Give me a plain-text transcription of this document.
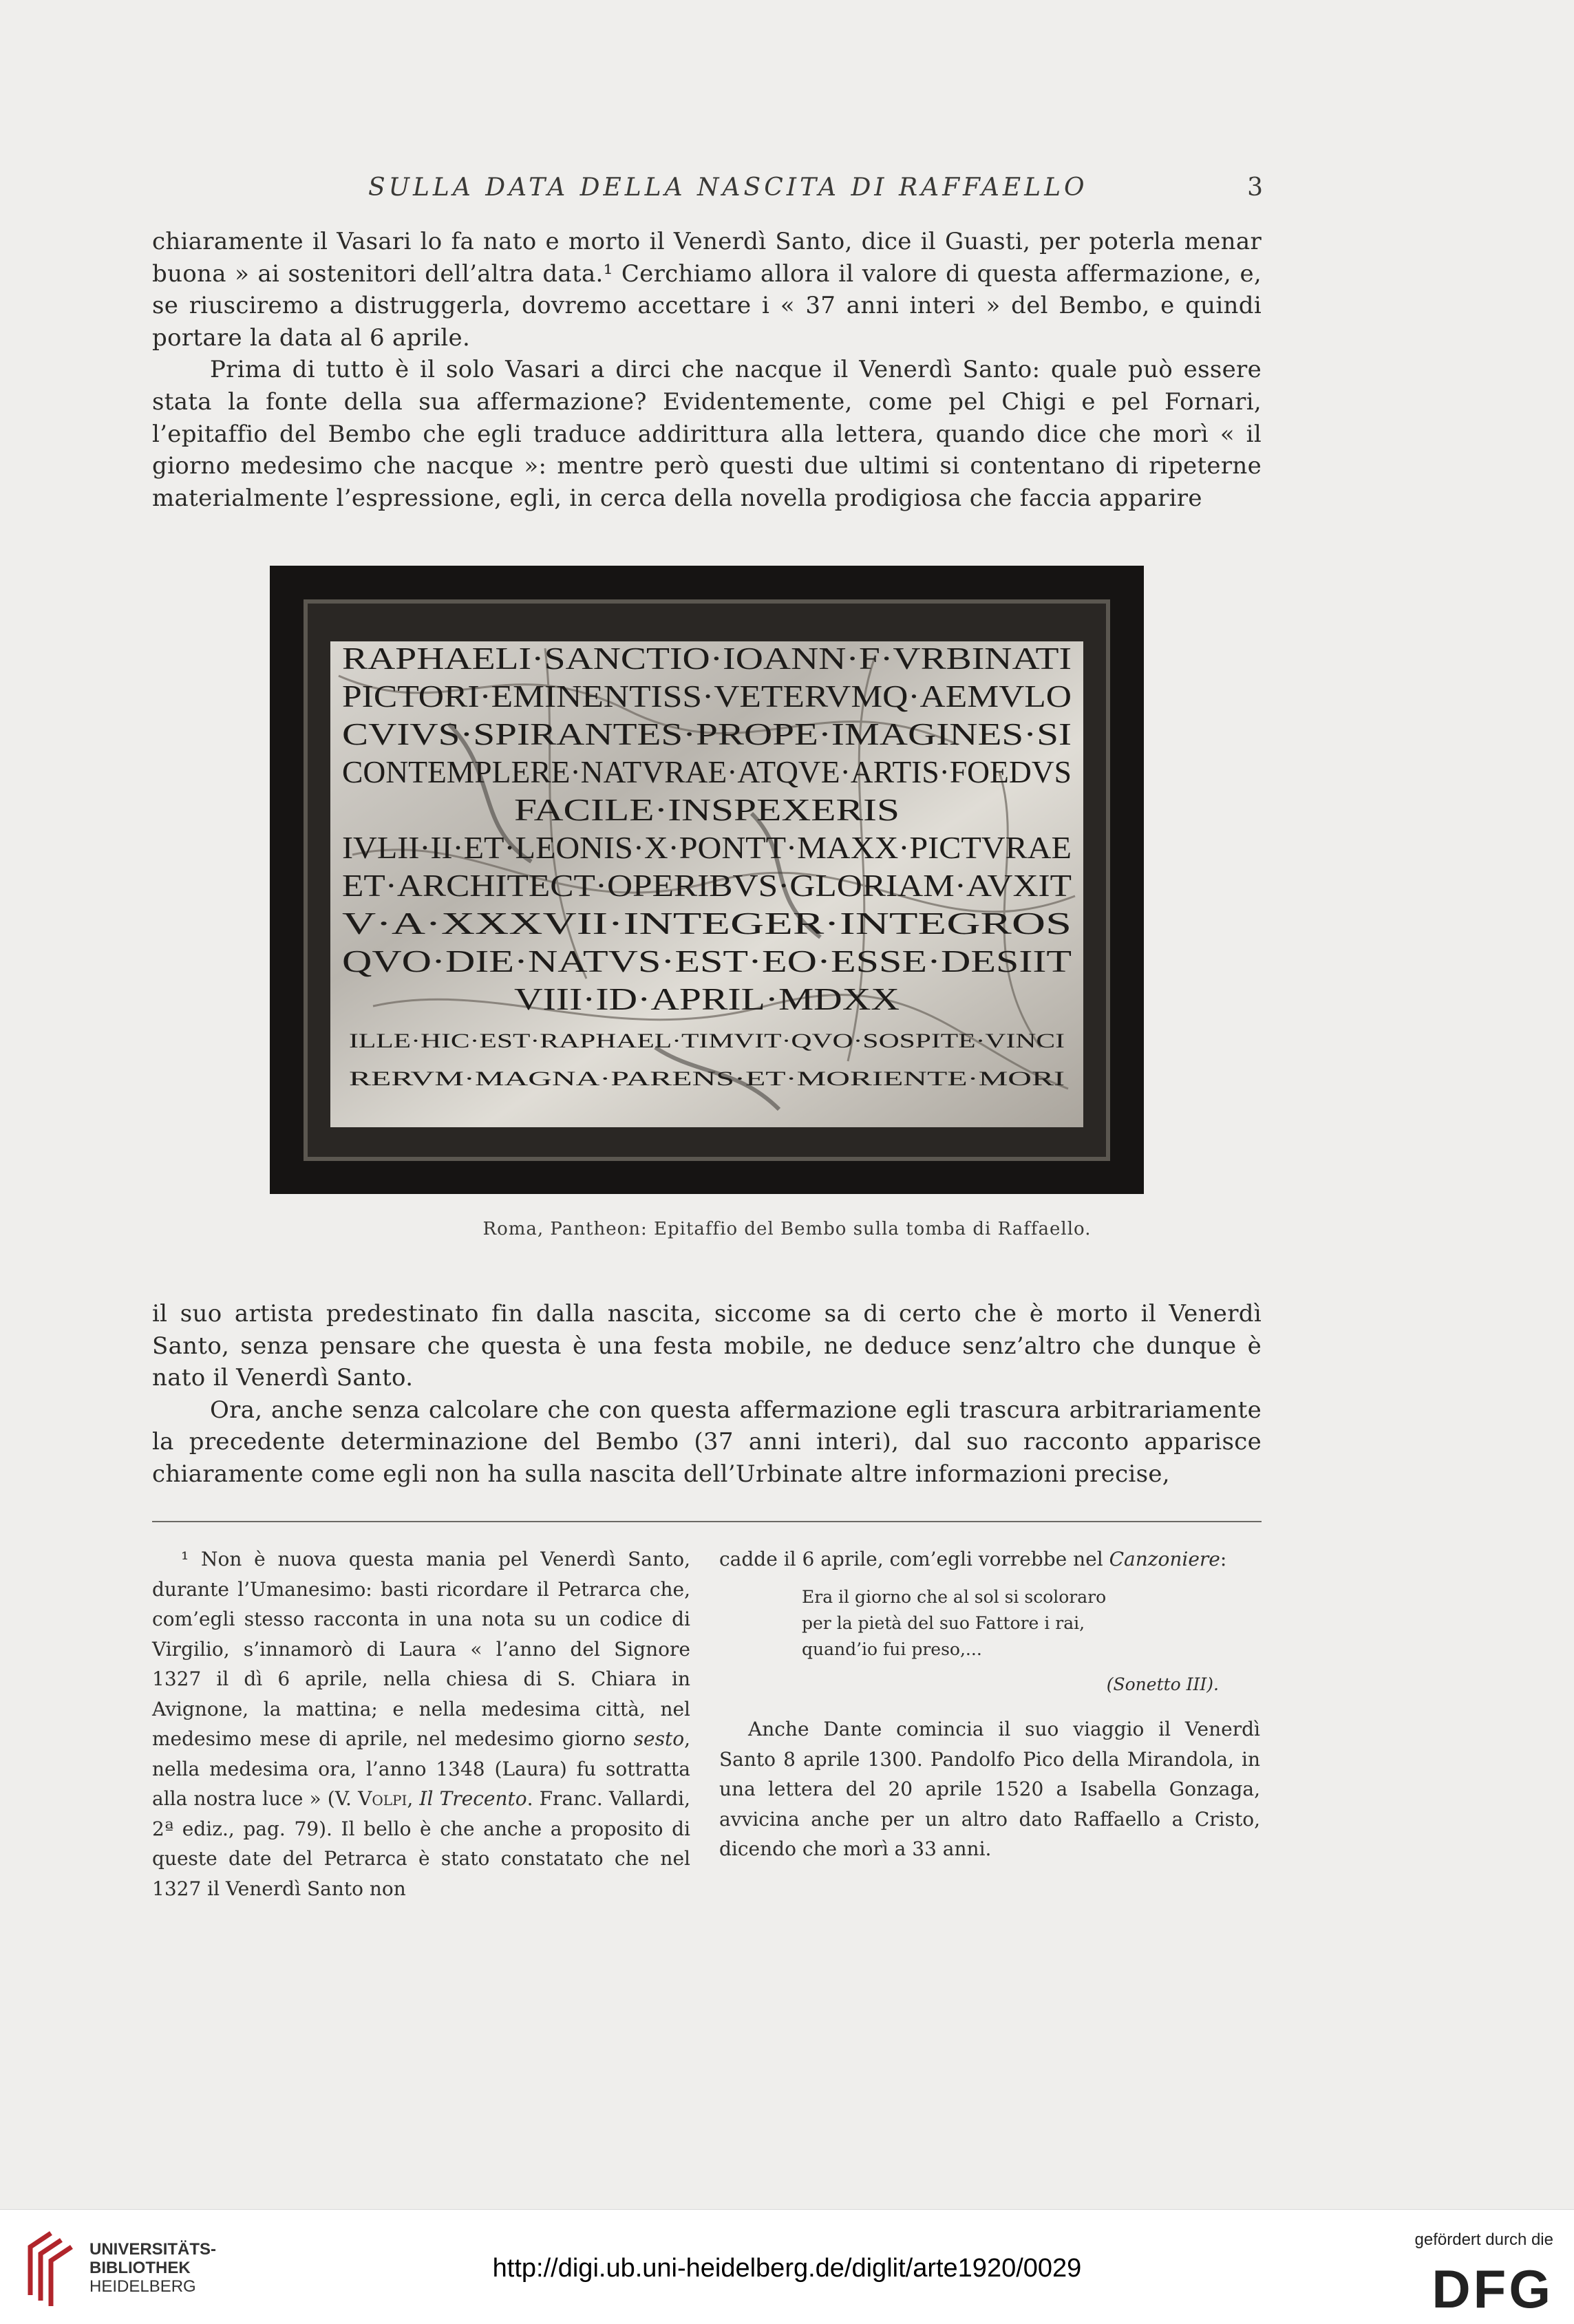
SULLA DATA DELLA NASCITA DI RAFFAELLO	3

chiaramente il Vasari lo fa nato e morto il Venerdì Santo, dice il Guasti, per poterla menar buona » ai sostenitori dell’altra data.¹ Cerchiamo allora il valore di questa affermazione, e, se riusciremo a distruggerla, dovremo accettare i « 37 anni interi » del Bembo, e quindi portare la data al 6 aprile.

Prima di tutto è il solo Vasari a dirci che nacque il Venerdì Santo: quale può essere stata la fonte della sua affermazione? Evidentemente, come pel Chigi e pel Fornari, l’epitaffio del Bembo che egli traduce addirittura alla lettera, quando dice che morì « il giorno medesimo che nacque »: mentre però questi due ultimi si contentano di ripeterne materialmente l’espressione, egli, in cerca della novella prodigiosa che faccia apparire

RAPHAELI·SANCTIO·IOANN·F·VRBINATI
PICTORI·EMINENTISS·VETERVMQ·AEMVLO
CVIVS·SPIRANTES·PROPE·IMAGINES·SI
CONTEMPLERE·NATVRAE·ATQVE·ARTIS·FOEDVS
FACILE·INSPEXERIS
IVLII·II·ET·LEONIS·X·PONTT·MAXX·PICTVRAE
ET·ARCHITECT·OPERIBVS·GLORIAM·AVXIT
V·A·XXXVII·INTEGER·INTEGROS
QVO·DIE·NATVS·EST·EO·ESSE·DESIIT
VIII·ID·APRIL·MDXX
ILLE·HIC·EST·RAPHAEL·TIMVIT·QVO·SOSPITE·VINCI
RERVM·MAGNA·PARENS·ET·MORIENTE·MORI
Roma, Pantheon: Epitaffio del Bembo sulla tomba di Raffaello.

il suo artista predestinato fin dalla nascita, siccome sa di certo che è morto il Venerdì Santo, senza pensare che questa è una festa mobile, ne deduce senz’altro che dunque è nato il Venerdì Santo.

Ora, anche senza calcolare che con questa affermazione egli trascura arbitrariamente la precedente determinazione del Bembo (37 anni interi), dal suo racconto apparisce chiaramente come egli non ha sulla nascita dell’Urbinate altre informazioni precise,

¹ Non è nuova questa mania pel Venerdì Santo, durante l’Umanesimo: basti ricordare il Petrarca che, com’egli stesso racconta in una nota su un codice di Virgilio, s’innamorò di Laura « l’anno del Signore 1327 il dì 6 aprile, nella chiesa di S. Chiara in Avignone, la mattina; e nella medesima città, nel medesimo mese di aprile, nel medesimo giorno sesto, nella medesima ora, l’anno 1348 (Laura) fu sottratta alla nostra luce » (V. Volpi, Il Trecento. Franc. Vallardi, 2ª ediz., pag. 79). Il bello è che anche a proposito di queste date del Petrarca è stato constatato che nel 1327 il Venerdì Santo non

cadde il 6 aprile, com’egli vorrebbe nel Canzoniere:

Era il giorno che al sol si scoloraro
per la pietà del suo Fattore i rai,
quand’io fui preso,...
(Sonetto III).

Anche Dante comincia il suo viaggio il Venerdì Santo 8 aprile 1300. Pandolfo Pico della Mirandola, in una lettera del 20 aprile 1520 a Isabella Gonzaga, avvicina anche per un altro dato Raffaello a Cristo, dicendo che morì a 33 anni.

UNIVERSITÄTS-
BIBLIOTHEK
HEIDELBERG
http://digi.ub.uni-heidelberg.de/diglit/arte1920/0029
gefördert durch die
DFG
